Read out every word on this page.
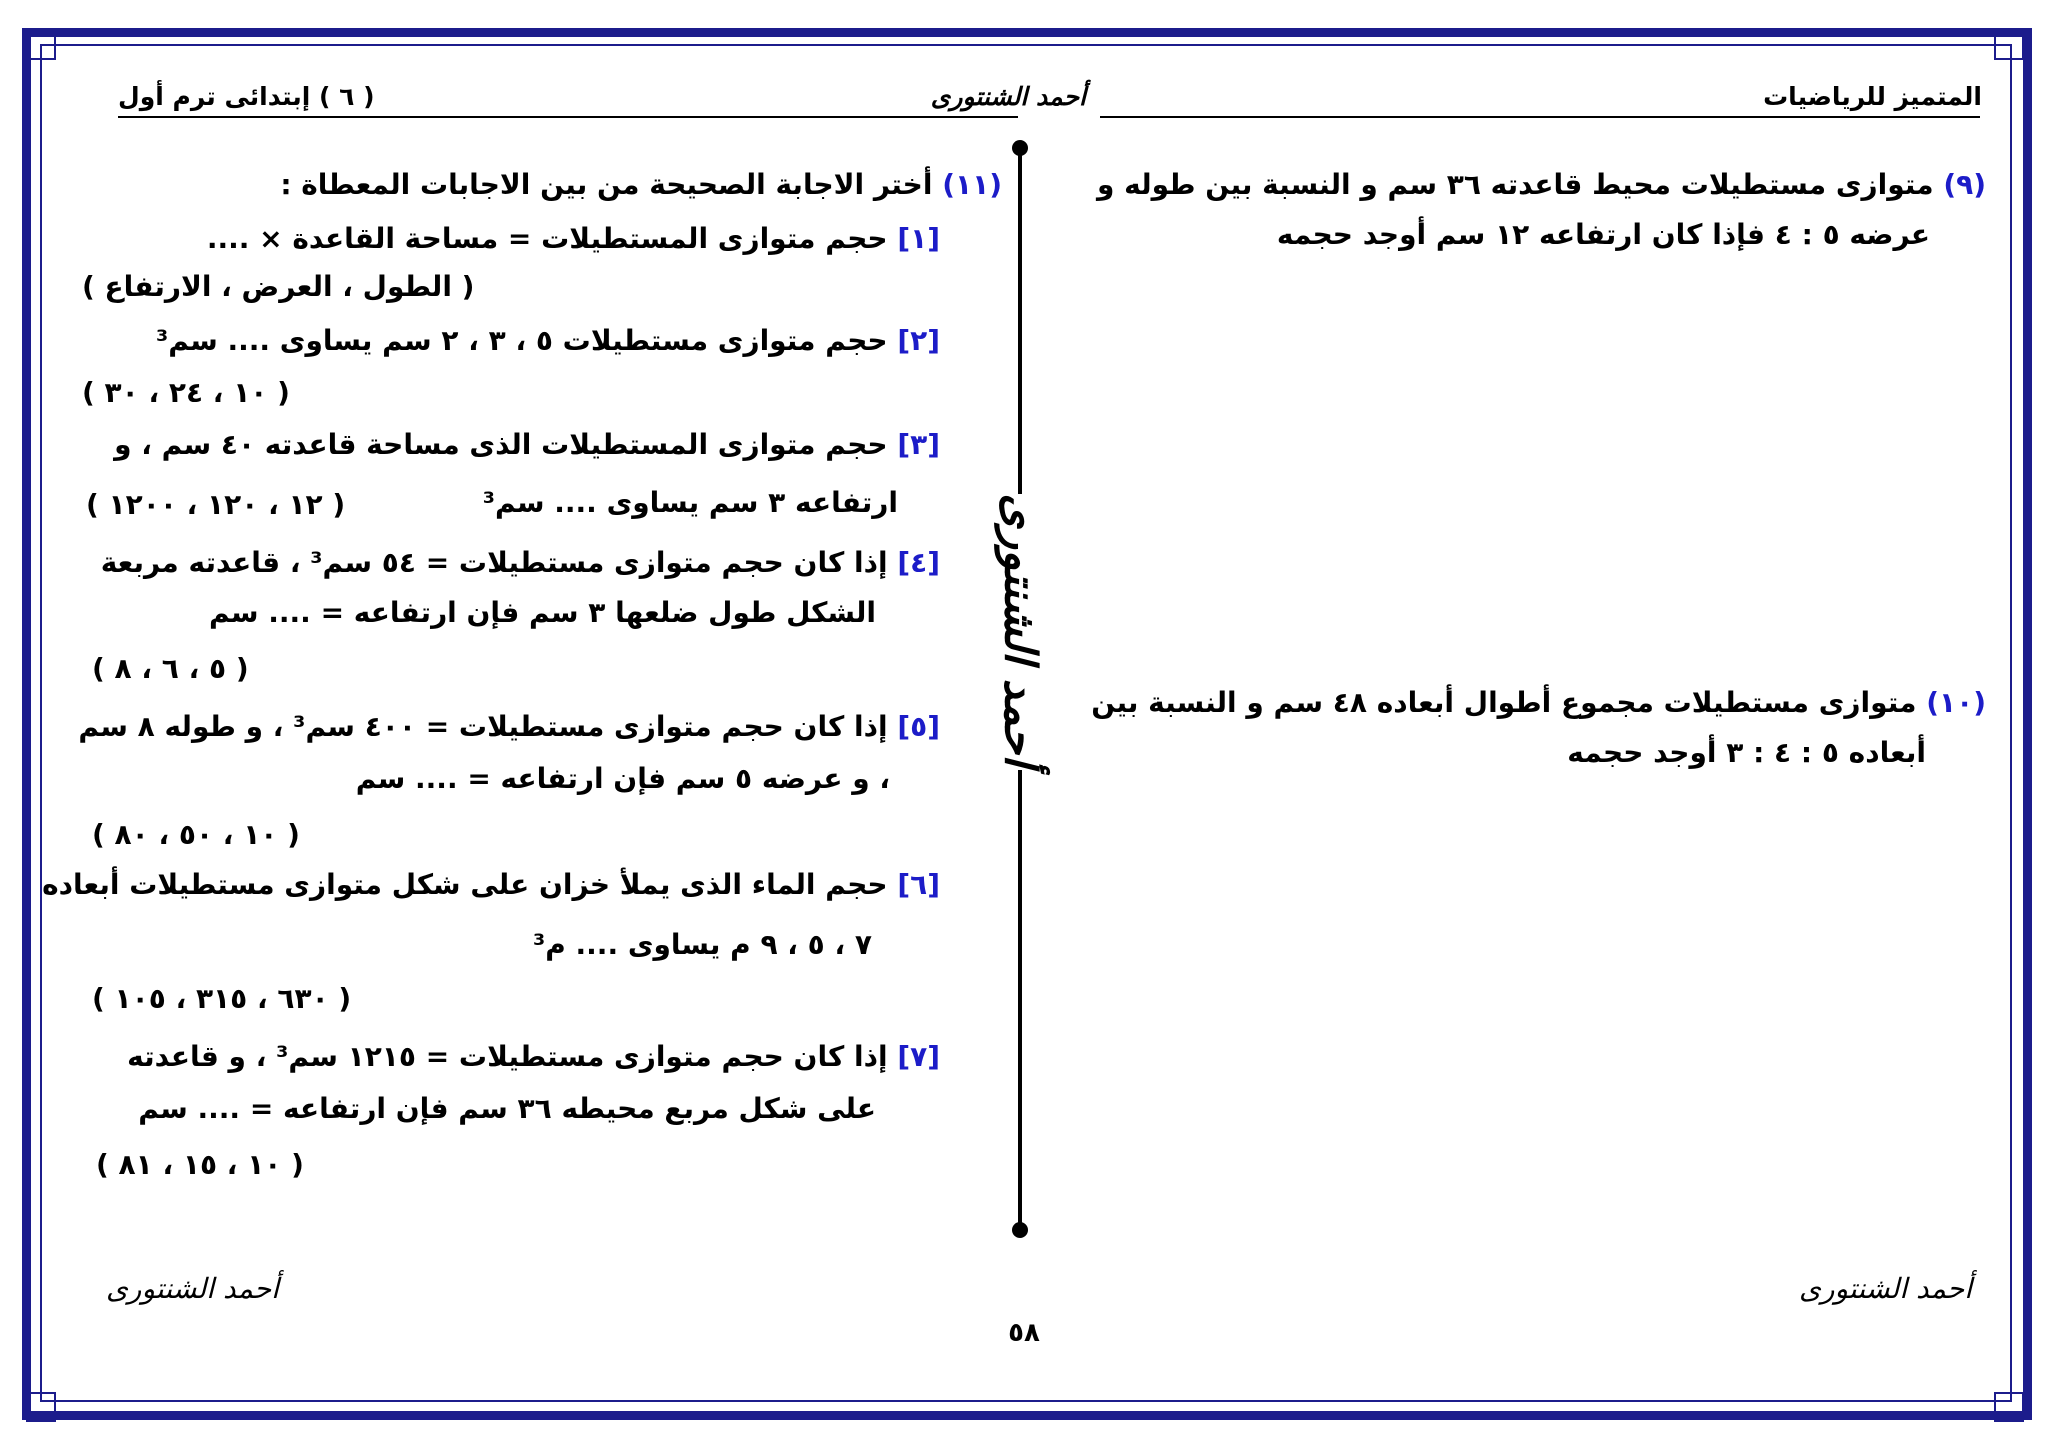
المتميز للرياضيات
أحمد الشنتورى
( ٦ ) إبتدائى ترم أول
أحمد الشنتورى
(٩) متوازى مستطيلات محيط قاعدته ٣٦ سم و النسبة بين طوله و
عرضه ٥ : ٤ فإذا كان ارتفاعه ١٢ سم أوجد حجمه
(١٠) متوازى مستطيلات مجموع أطوال أبعاده ٤٨ سم و النسبة بين
أبعاده ٥ : ٤ : ٣ أوجد حجمه
(١١) أختر الاجابة الصحيحة من بين الاجابات المعطاة :
[١] حجم متوازى المستطيلات = مساحة القاعدة × ....
( الطول ، العرض ، الارتفاع )
[٢] حجم متوازى مستطيلات ٥ ، ٣ ، ٢ سم يساوى .... سم³
( ١٠ ، ٢٤ ، ٣٠ )
[٣] حجم متوازى المستطيلات الذى مساحة قاعدته ٤٠ سم ، و
ارتفاعه ٣ سم يساوى .... سم³
( ١٢ ، ١٢٠ ، ١٢٠٠ )
[٤] إذا كان حجم متوازى مستطيلات = ٥٤ سم³ ، قاعدته مربعة
الشكل طول ضلعها ٣ سم فإن ارتفاعه = .... سم
( ٥ ، ٦ ، ٨ )
[٥] إذا كان حجم متوازى مستطيلات = ٤٠٠ سم³ ، و طوله ٨ سم
، و عرضه ٥ سم فإن ارتفاعه = .... سم
( ١٠ ، ٥٠ ، ٨٠ )
[٦] حجم الماء الذى يملأ خزان على شكل متوازى مستطيلات أبعاده
٧ ، ٥ ، ٩ م يساوى .... م³
( ٦٣٠ ، ٣١٥ ، ١٠٥ )
[٧] إذا كان حجم متوازى مستطيلات = ١٢١٥ سم³ ، و قاعدته
على شكل مربع محيطه ٣٦ سم فإن ارتفاعه = .... سم
( ١٠ ، ١٥ ، ٨١ )
أحمد الشنتورى
أحمد الشنتورى
٥٨
